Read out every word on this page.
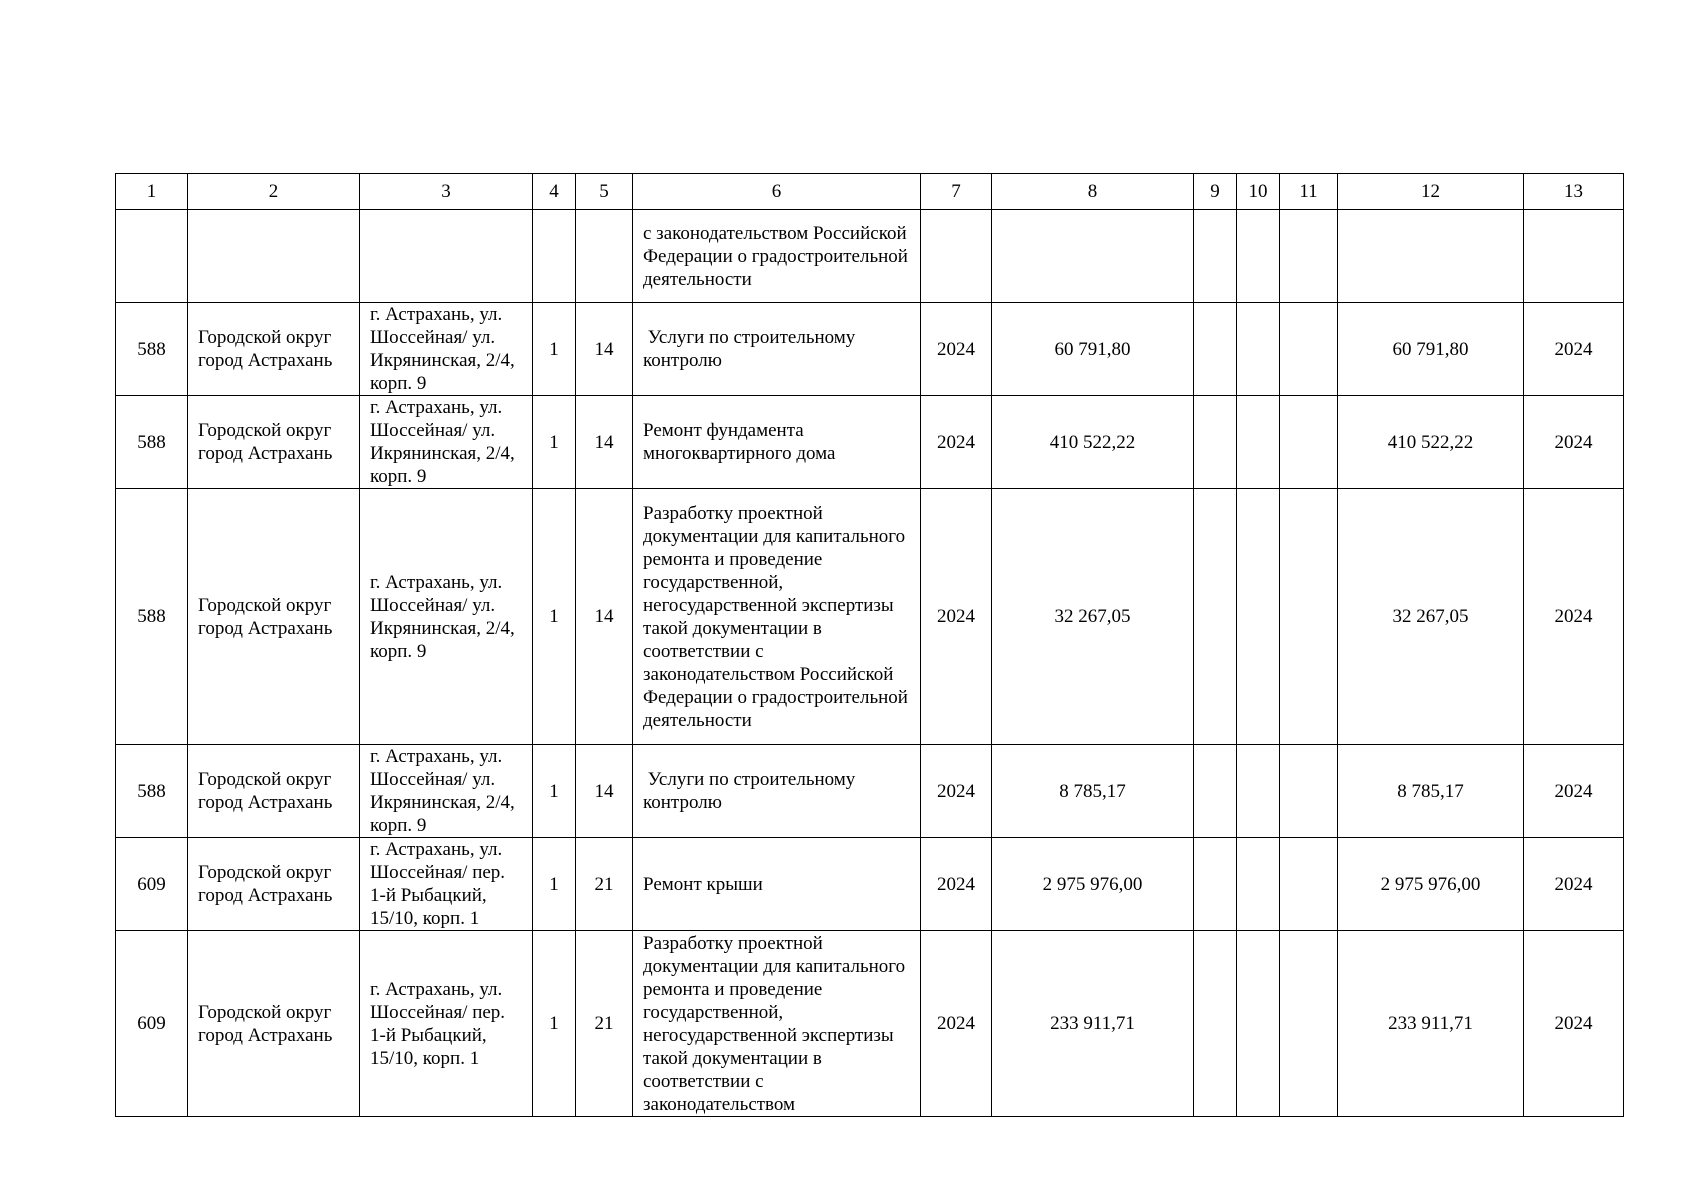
1	2	3	4	5	6	7	8	9	10	11	12	13
					с законодательством Российской Федерации о градостроительной деятельности							
588	Городской округ город Астрахань	г. Астрахань, ул. Шоссейная/ ул. Икрянинская, 2/4, корп. 9	1	14	Услуги по строительному контролю	2024	60 791,80				60 791,80	2024
588	Городской округ город Астрахань	г. Астрахань, ул. Шоссейная/ ул. Икрянинская, 2/4, корп. 9	1	14	Ремонт фундамента многоквартирного дома	2024	410 522,22				410 522,22	2024
588	Городской округ город Астрахань	г. Астрахань, ул. Шоссейная/ ул. Икрянинская, 2/4, корп. 9	1	14	Разработку проектной документации для капитального ремонта и проведение государственной, негосударственной экспертизы такой документации в соответствии с законодательством Российской Федерации о градостроительной деятельности	2024	32 267,05				32 267,05	2024
588	Городской округ город Астрахань	г. Астрахань, ул. Шоссейная/ ул. Икрянинская, 2/4, корп. 9	1	14	Услуги по строительному контролю	2024	8 785,17				8 785,17	2024
609	Городской округ город Астрахань	г. Астрахань, ул. Шоссейная/ пер. 1-й Рыбацкий, 15/10, корп. 1	1	21	Ремонт крыши	2024	2 975 976,00				2 975 976,00	2024
609	Городской округ город Астрахань	г. Астрахань, ул. Шоссейная/ пер. 1-й Рыбацкий, 15/10, корп. 1	1	21	Разработку проектной документации для капитального ремонта и проведение государственной, негосударственной экспертизы такой документации в соответствии с законодательством	2024	233 911,71				233 911,71	2024
